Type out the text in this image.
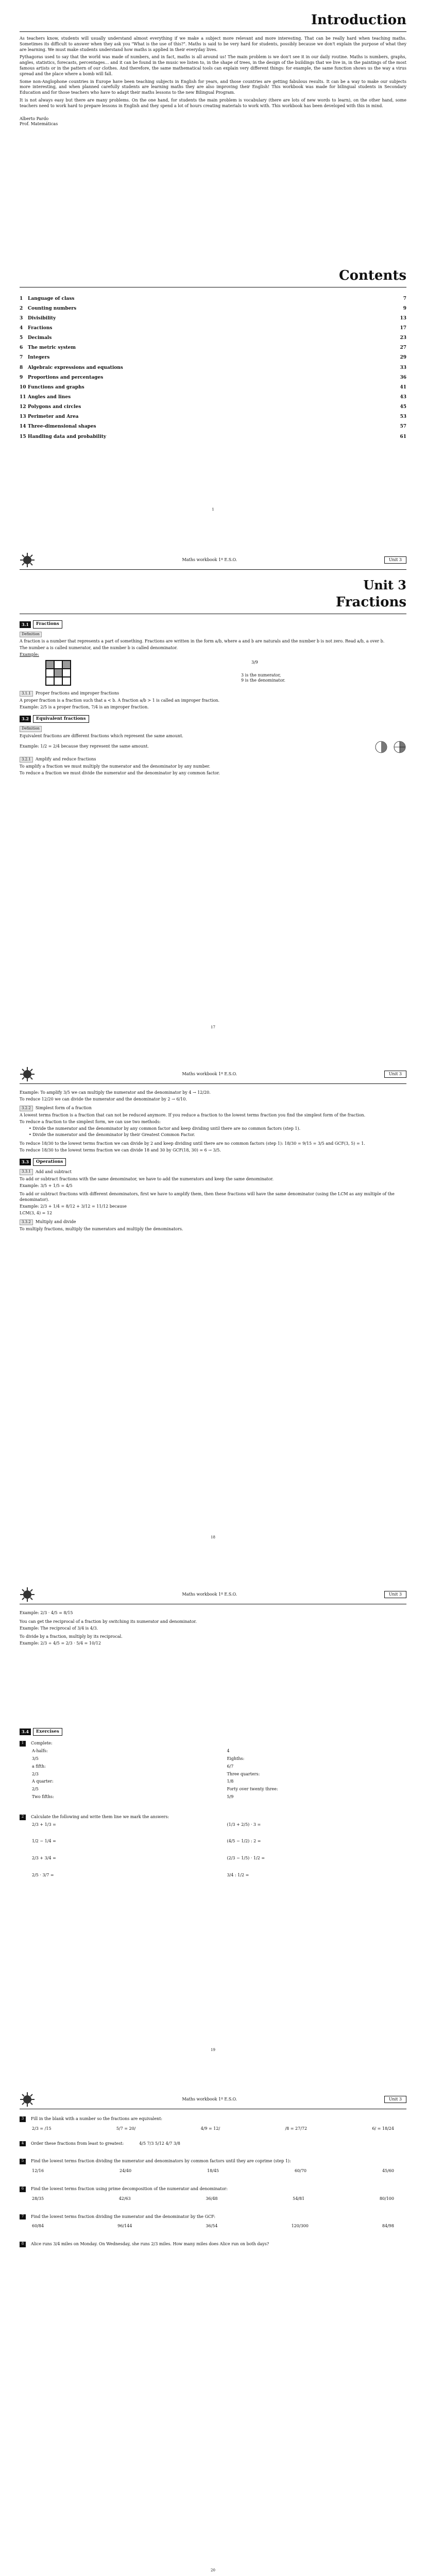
Introduction

As teachers know, students will usually understand almost everything if we make a subject more relevant and more interesting. That can be really hard when teaching maths. Sometimes its difficult to answer when they ask you "What is the use of this?". Maths is said to be very hard for students, possibly because we don't explain the purpose of what they are learning. We must make students understand how maths is applied in their everyday lives.

Pythagoras used to say that the world was made of numbers, and in fact, maths is all around us! The main problem is we don't see it in our daily routine. Maths is numbers, graphs, angles, statistics, forecasts, percentages… and it can be found in the music we listen to, in the shape of trees, in the design of the buildings that we live in, in the paintings of the most famous artists or in the pattern of our clothes. And therefore, the same mathematical tools can explain very different things: for example, the same function shows us the way a virus spread and the place where a bomb will fall.

Some non-Anglophone countries in Europe have been teaching subjects in English for years, and those countries are getting fabulous results. It can be a way to make our subjects more interesting, and when planned carefully students are learning maths they are also improving their English! This workbook was made for bilingual students in Secondary Education and for those teachers who have to adapt their maths lessons to the new Bilingual Program.

It is not always easy but there are many problems. On the one hand, for students the main problem is vocabulary (there are lots of new words to learn), on the other hand, some teachers need to work hard to prepare lessons in English and they spend a lot of hours creating materials to work with. This workbook has been developed with this in mind.

Alberto Pardo
Prof. Matemáticas
Contents
1 Language of class	7
2 Counting numbers	9
3 Divisibility	13
4 Fractions	17
5 Decimals	23
6 The metric system	27
7 Integers	29
8 Algebraic expressions and equations	33
9 Proportions and percentages	36
10 Functions and graphs	41
11 Angles and lines	43
12 Polygons and circles	45
13 Perimeter and Area	53
14 Three-dimensional shapes	57
15 Handling data and probability	61
1
Maths workbook 1º E.S.O.	Unit 3
Unit 3
Fractions
3.1	Fractions
Definition
A fraction is a number that represents a part of something. Fractions are written in the form a/b, where a and b are naturals and the number b is not zero. Read a/b, a over b.
The number a is called numerator, and the number b is called denominator.
Example:
3/9
3 is the numerator,
9 is the denominator.
3.1.1	Proper fractions and improper fractions
A proper fraction is a fraction such that a < b. A fraction a/b > 1 is called an improper fraction.
Example: 2/5 is a proper fraction, 7/4 is an improper fraction.
3.2	Equivalent fractions
Definition
Equivalent fractions are different fractions which represent the same amount.
Example: 1/2 = 2/4 because they represent the same amount.
3.2.1	Amplify and reduce fractions
To amplify a fraction we must multiply the numerator and the denominator by any number.
To reduce a fraction we must divide the numerator and the denominator by any common factor.
17
Maths workbook 1º E.S.O.	Unit 3
Example: To amplify 3/5 we can multiply the numerator and the denominator by 4 → 12/20.
To reduce 12/20 we can divide the numerator and the denominator by 2 → 6/10.
3.2.2	Simplest form of a fraction
A lowest terms fraction is a fraction that can not be reduced anymore. If you reduce a fraction to the lowest terms fraction you find the simplest form of the fraction.
To reduce a fraction to the simplest form, we can use two methods:
• Divide the numerator and the denominator by any common factor and keep dividing until there are no common factors (step 1).
• Divide the numerator and the denominator by their Greatest Common Factor.
To reduce 18/30 to the lowest terms fraction we can divide by 2 and keep dividing until there are no common factors (step 1): 18/30 = 9/15 = 3/5 and GCF(3, 5) = 1.
To reduce 18/30 to the lowest terms fraction we can divide 18 and 30 by GCF(18, 30) = 6 → 3/5.
3.3	Operations
3.3.1	Add and subtract
To add or subtract fractions with the same denominator, we have to add the numerators and keep the same denominator.
Example: 3/5 + 1/5 = 4/5
To add or subtract fractions with different denominators, first we have to amplify them, then these fractions will have the same denominator (using the LCM as any multiple of the denominator).
Example: 2/3 + 1/4 = 8/12 + 3/12 = 11/12 because
LCM(3, 4) = 12
3.3.2	Multiply and divide
To multiply fractions, multiply the numerators and multiply the denominators.
18
Maths workbook 1º E.S.O.	Unit 3
Example: 2/3 · 4/5 = 8/15
You can get the reciprocal of a fraction by switching its numerator and denominator.
Example: The reciprocal of 3/4 is 4/3.
To divide by a fraction, multiply by its reciprocal.
Example: 2/3 ÷ 4/5 = 2/3 · 5/4 = 10/12
3.4	Exercises
1	Complete:
A-halfs:	4
3/5	Eighths:
a fifth:	6/7
2/3	Three quarters:
A quarter:	1/8
2/5	Forty over twenty three:
Two fifths:	5/9
2	Calculate the following and write them line we mark the answers:
2/3 + 1/3 =	(1/3 + 2/5) · 3 =
1/2 − 1/4 =	(4/5 − 1/2) : 2 =
2/3 + 3/4 =	(2/3 − 1/5) · 1/2 =
2/5 · 3/7 =	3/4 : 1/2 =
19
Maths workbook 1º E.S.O.	Unit 3
3	Fill in the blank with a number so the fractions are equivalent:
2/3 = /15	5/7 = 20/	4/9 = 12/	/8 = 27/72	6/ = 18/24
4	Order these fractions from least to greatest:	4/5 7/3 5/12 4/7 3/8
5	Find the lowest terms fraction dividing the numerator and denominators by common factors until they are coprime (step 1):
12/16	24/40	18/45	60/70	45/60
6	Find the lowest terms fraction using prime decomposition of the numerator and denominator:
28/35	42/63	36/48	54/81	80/100
7	Find the lowest terms fraction dividing the numerator and the denominator by the GCF:
60/84	96/144	36/54	120/300	84/98
8	Alice runs 3/4 miles on Monday. On Wednesday, she runs 2/3 miles. How many miles does Alice run on both days?
20
